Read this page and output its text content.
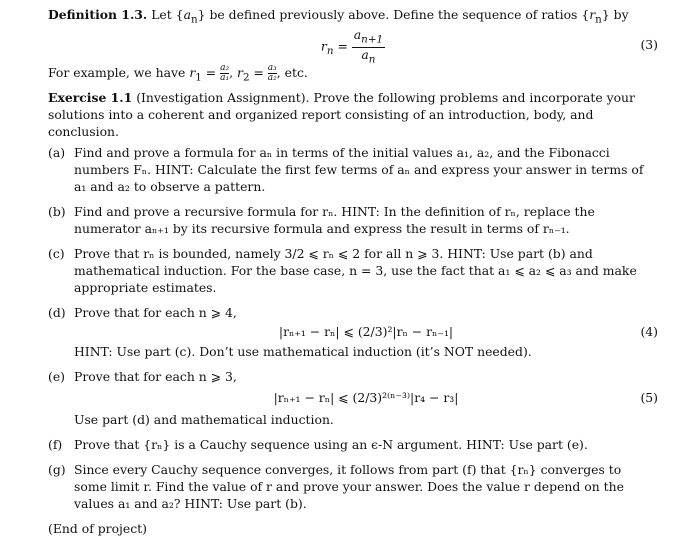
Definition 1.3. Let $\{a_n\}$ be defined previously above. Define the sequence of ratios $\{r_n\}$ by

$r_n = \frac{a_{n+1}}{a_n}$	(3)

For example, we have $r_1 = \frac{\text{a₂}}{\text{a₁}}$ , $r_2 = \frac{\text{a₃}}{\text{a₂}}$ , etc.

Exercise 1.1 (Investigation Assignment). Prove the following problems and incorporate your solutions into a coherent and organized report consisting of an introduction, body, and conclusion.

(a) Find and prove a formula for aₙ in terms of the initial values a₁, a₂, and the Fibonacci numbers Fₙ. HINT: Calculate the first few terms of aₙ and express your answer in terms of a₁ and a₂ to observe a pattern.
(b) Find and prove a recursive formula for rₙ. HINT: In the definition of rₙ, replace the numerator aₙ₊₁ by its recursive formula and express the result in terms of rₙ₋₁.
(c) Prove that rₙ is bounded, namely 3/2 ⩽ rₙ ⩽ 2 for all n ⩾ 3. HINT: Use part (b) and mathematical induction. For the base case, n = 3, use the fact that a₁ ⩽ a₂ ⩽ a₃ and make appropriate estimates.
(d) Prove that for each n ⩾ 4,
|rₙ₊₁ − rₙ| ⩽ (2/3)²|rₙ − rₙ₋₁|	(4)
HINT: Use part (c). Don’t use mathematical induction (it’s NOT needed).
(e) Prove that for each n ⩾ 3,
|rₙ₊₁ − rₙ| ⩽ (2/3)²⁽ⁿ⁻³⁾|r₄ − r₃|	(5)
Use part (d) and mathematical induction.
(f) Prove that {rₙ} is a Cauchy sequence using an ϵ-N argument. HINT: Use part (e).
(g) Since every Cauchy sequence converges, it follows from part (f) that {rₙ} converges to some limit r. Find the value of r and prove your answer. Does the value r depend on the values a₁ and a₂? HINT: Use part (b).

(End of project)
